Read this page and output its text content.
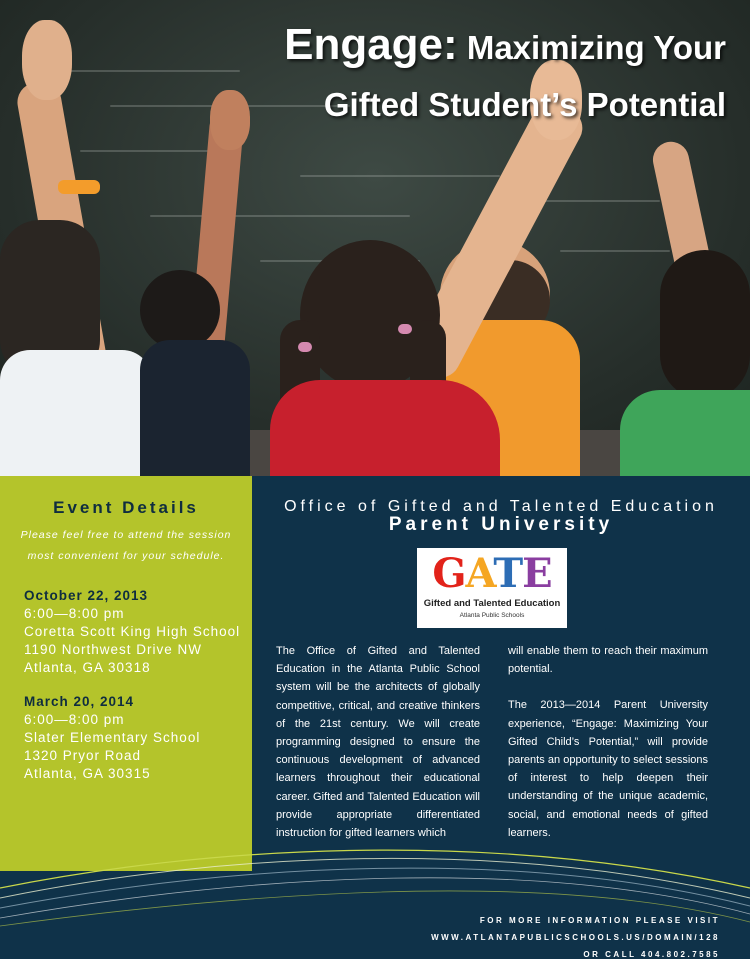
Engage: Maximizing Your
Gifted Student’s Potential
Event Details
Please feel free to attend the session most convenient for your schedule.
October 22, 2013
6:00—8:00 pm
Coretta Scott King High School
1190 Northwest Drive NW
Atlanta, GA 30318
March 20, 2014
6:00—8:00 pm
Slater Elementary School
1320 Pryor Road
Atlanta, GA 30315
Office of Gifted and Talented Education
Parent University
GATE
Gifted and Talented Education
Atlanta Public Schools

The Office of Gifted and Talented Education in the Atlanta Public School system will be the architects of globally competitive, critical, and creative thinkers of the 21st century. We will create programming designed to ensure the continuous development of advanced learners throughout their educational career. Gifted and Talented Education will provide appropriate differentiated instruction for gifted learners which

will enable them to reach their maximum potential.

The 2013—2014 Parent University experience, “Engage: Maximizing Your Gifted Child’s Potential,” will provide parents an opportunity to select sessions of interest to help deepen their understanding of the unique academic, social, and emotional needs of gifted learners.

FOR MORE INFORMATION PLEASE VISIT
WWW.ATLANTAPUBLICSCHOOLS.US/DOMAIN/128
OR CALL 404.802.7585
